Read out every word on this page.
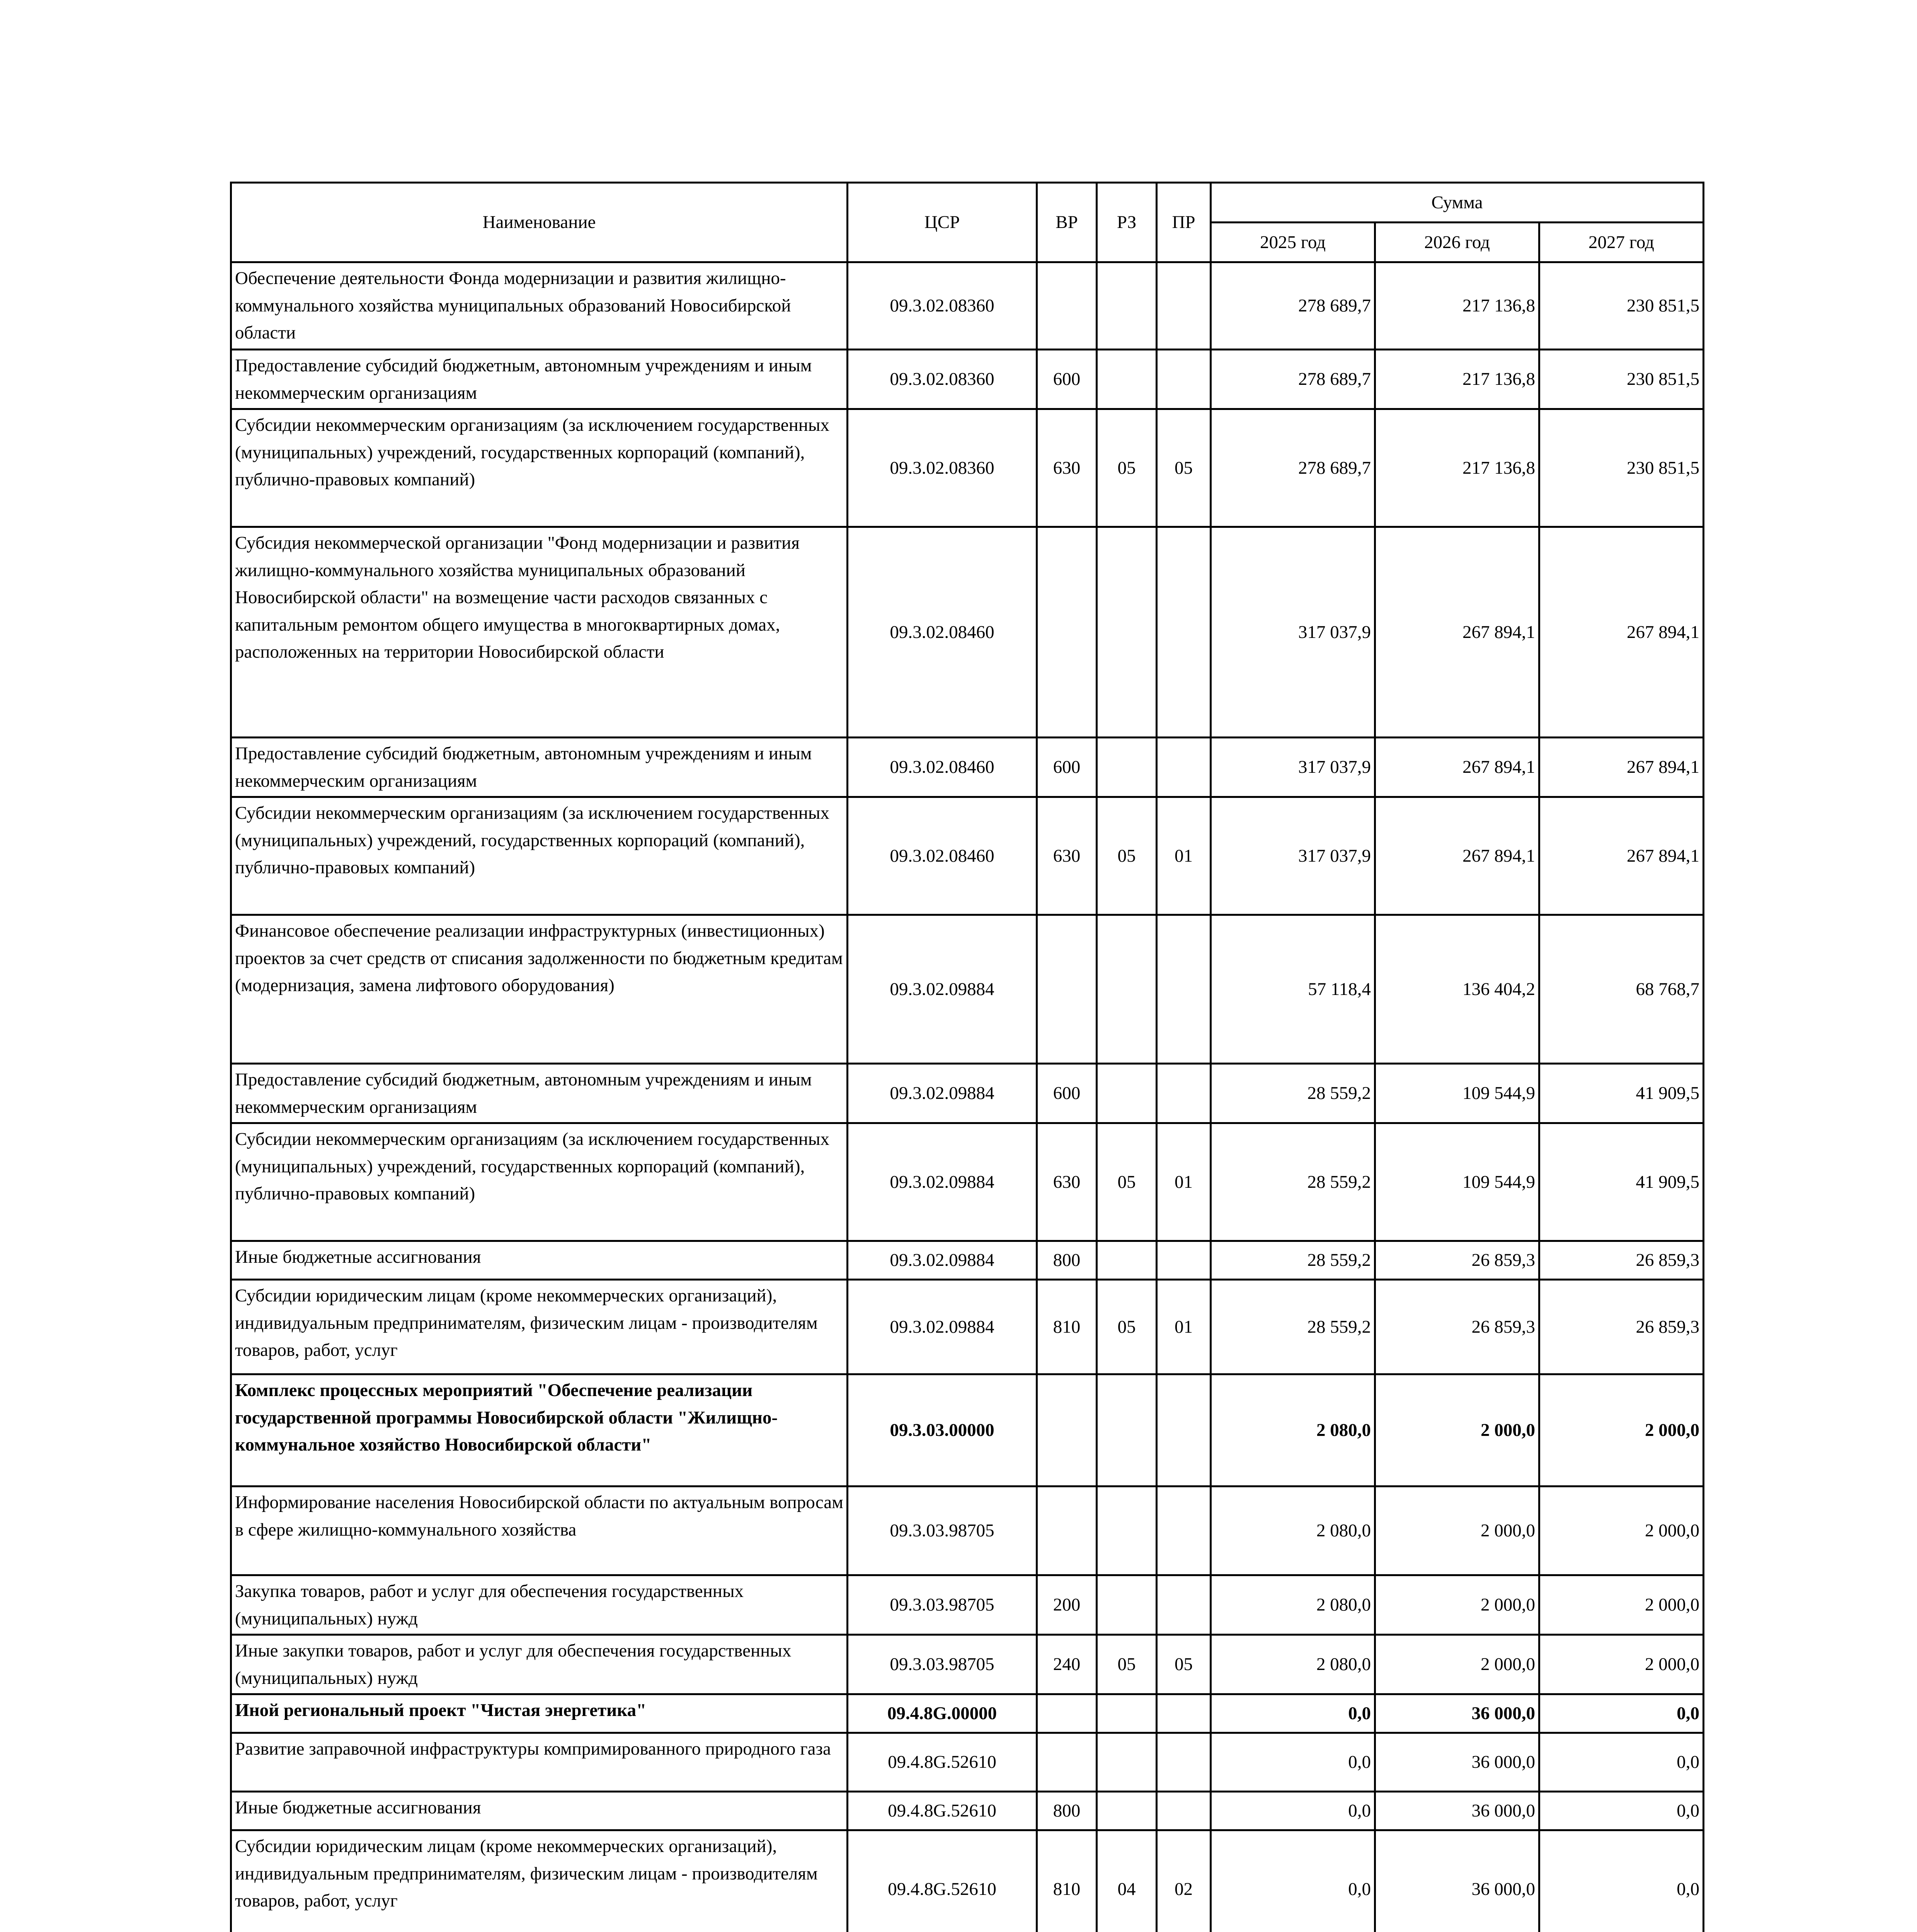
Наименование	ЦСР	ВР	РЗ	ПР	Сумма		
					2025 год	2026 год	2027 год
Обеспечение деятельности Фонда модернизации и развития жилищно-коммунального хозяйства муниципальных образований Новосибирской области	09.3.02.08360				278 689,7	217 136,8	230 851,5
Предоставление субсидий бюджетным, автономным учреждениям и иным некоммерческим организациям	09.3.02.08360	600			278 689,7	217 136,8	230 851,5
Субсидии некоммерческим организациям (за исключением государственных (муниципальных) учреждений, государственных корпораций (компаний), публично-правовых компаний)	09.3.02.08360	630	05	05	278 689,7	217 136,8	230 851,5
Субсидия некоммерческой организации "Фонд модернизации и развития жилищно-коммунального хозяйства муниципальных образований Новосибирской области" на возмещение части расходов связанных с капитальным ремонтом общего имущества в многоквартирных домах, расположенных на территории Новосибирской области	09.3.02.08460				317 037,9	267 894,1	267 894,1
Предоставление субсидий бюджетным, автономным учреждениям и иным некоммерческим организациям	09.3.02.08460	600			317 037,9	267 894,1	267 894,1
Субсидии некоммерческим организациям (за исключением государственных (муниципальных) учреждений, государственных корпораций (компаний), публично-правовых компаний)	09.3.02.08460	630	05	01	317 037,9	267 894,1	267 894,1
Финансовое обеспечение реализации инфраструктурных (инвестиционных) проектов за счет средств от списания задолженности по бюджетным кредитам (модернизация, замена лифтового оборудования)	09.3.02.09884				57 118,4	136 404,2	68 768,7
Предоставление субсидий бюджетным, автономным учреждениям и иным некоммерческим организациям	09.3.02.09884	600			28 559,2	109 544,9	41 909,5
Субсидии некоммерческим организациям (за исключением государственных (муниципальных) учреждений, государственных корпораций (компаний), публично-правовых компаний)	09.3.02.09884	630	05	01	28 559,2	109 544,9	41 909,5
Иные бюджетные ассигнования	09.3.02.09884	800			28 559,2	26 859,3	26 859,3
Субсидии юридическим лицам (кроме некоммерческих организаций), индивидуальным предпринимателям, физическим лицам - производителям товаров, работ, услуг	09.3.02.09884	810	05	01	28 559,2	26 859,3	26 859,3
Комплекс процессных мероприятий "Обеспечение реализации государственной программы Новосибирской области "Жилищно-коммунальное хозяйство Новосибирской области"	09.3.03.00000				2 080,0	2 000,0	2 000,0
Информирование населения Новосибирской области по актуальным вопросам в сфере жилищно-коммунального хозяйства	09.3.03.98705				2 080,0	2 000,0	2 000,0
Закупка товаров, работ и услуг для обеспечения государственных (муниципальных) нужд	09.3.03.98705	200			2 080,0	2 000,0	2 000,0
Иные закупки товаров, работ и услуг для обеспечения государственных (муниципальных) нужд	09.3.03.98705	240	05	05	2 080,0	2 000,0	2 000,0
Иной региональный проект "Чистая энергетика"	09.4.8G.00000				0,0	36 000,0	0,0
Развитие заправочной инфраструктуры компримированного природного газа	09.4.8G.52610				0,0	36 000,0	0,0
Иные бюджетные ассигнования	09.4.8G.52610	800			0,0	36 000,0	0,0
Субсидии юридическим лицам (кроме некоммерческих организаций), индивидуальным предпринимателям, физическим лицам - производителям товаров, работ, услуг	09.4.8G.52610	810	04	02	0,0	36 000,0	0,0
